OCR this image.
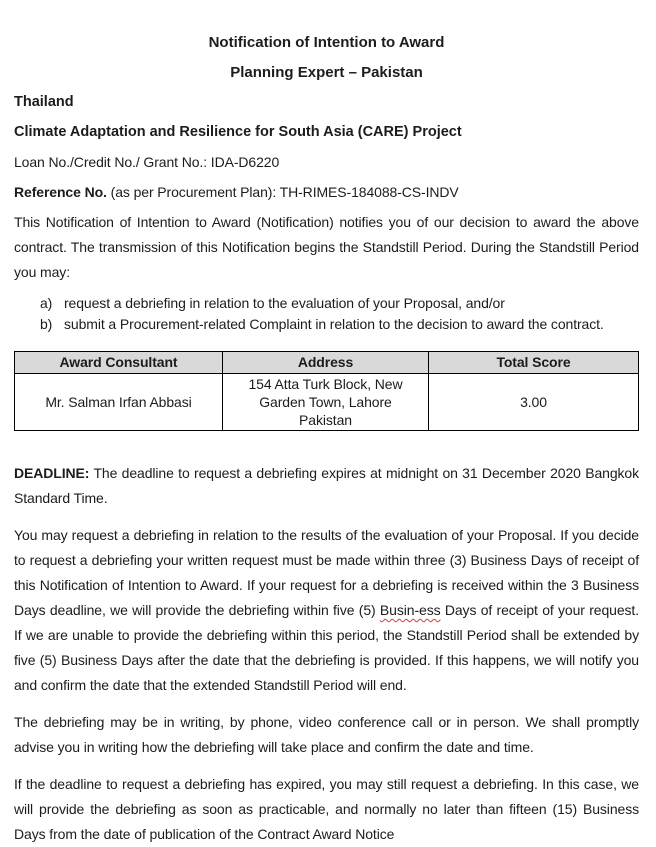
Notification of Intention to Award

Planning Expert – Pakistan

Thailand

Climate Adaptation and Resilience for South Asia (CARE) Project

Loan No./Credit No./ Grant No.: IDA-D6220

Reference No. (as per Procurement Plan): TH-RIMES-184088-CS-INDV

This Notification of Intention to Award (Notification) notifies you of our decision to award the above contract. The transmission of this Notification begins the Standstill Period. During the Standstill Period you may:

a) request a debriefing in relation to the evaluation of your Proposal, and/or
b) submit a Procurement-related Complaint in relation to the decision to award the contract.
Award Consultant	Address	Total Score
Mr. Salman Irfan Abbasi	154 Atta Turk Block, New Garden Town, Lahore Pakistan	3.00

DEADLINE: The deadline to request a debriefing expires at midnight on 31 December 2020 Bangkok Standard Time.

You may request a debriefing in relation to the results of the evaluation of your Proposal. If you decide to request a debriefing your written request must be made within three (3) Business Days of receipt of this Notification of Intention to Award. If your request for a debriefing is received within the 3 Business Days deadline, we will provide the debriefing within five (5) Busin-ess Days of receipt of your request. If we are unable to provide the debriefing within this period, the Standstill Period shall be extended by five (5) Business Days after the date that the debriefing is provided. If this happens, we will notify you and confirm the date that the extended Standstill Period will end.

The debriefing may be in writing, by phone, video conference call or in person. We shall promptly advise you in writing how the debriefing will take place and confirm the date and time.

If the deadline to request a debriefing has expired, you may still request a debriefing. In this case, we will provide the debriefing as soon as practicable, and normally no later than fifteen (15) Business Days from the date of publication of the Contract Award Notice
